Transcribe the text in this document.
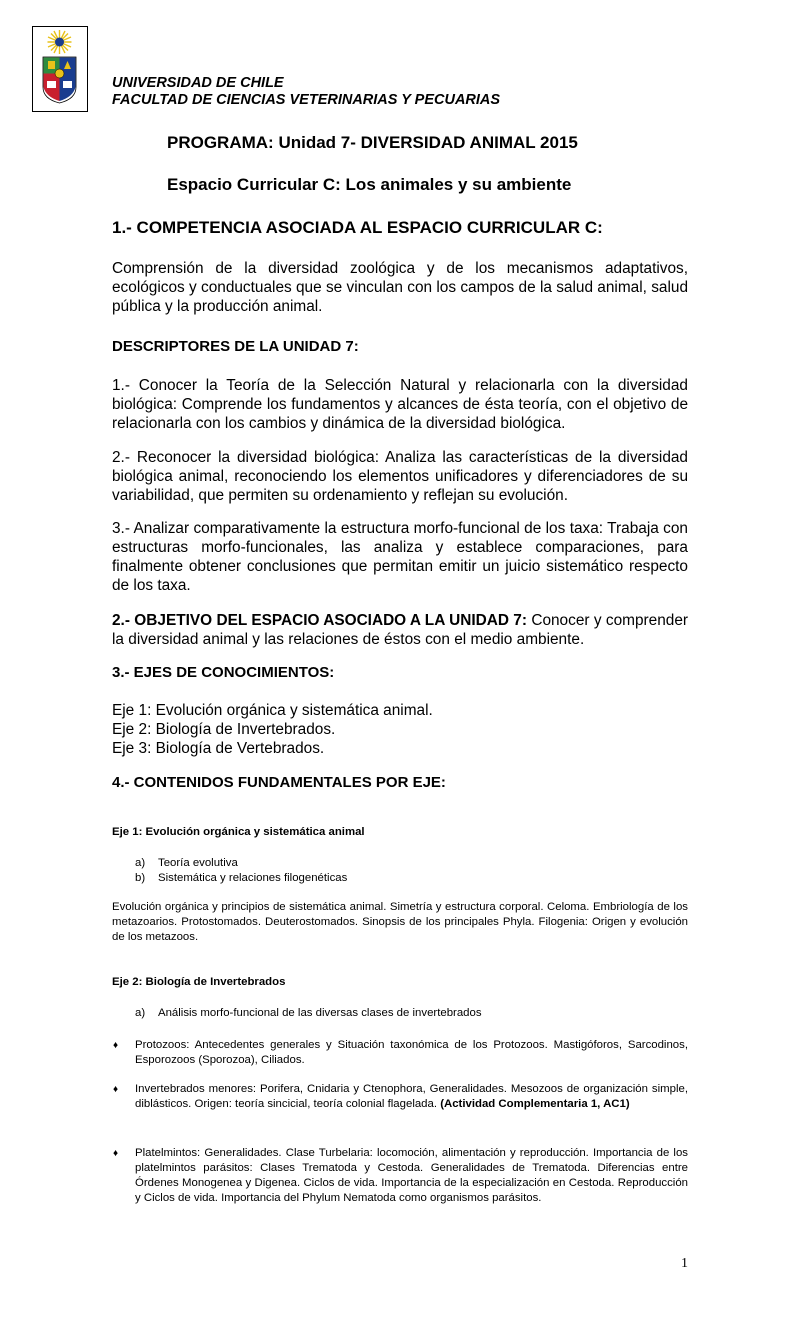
UNIVERSIDAD DE CHILE
FACULTAD DE CIENCIAS VETERINARIAS Y PECUARIAS
PROGRAMA: Unidad 7- DIVERSIDAD ANIMAL 2015
Espacio Curricular C: Los animales y su ambiente
1.- COMPETENCIA ASOCIADA AL ESPACIO CURRICULAR C:
Comprensión de la diversidad zoológica y de los mecanismos adaptativos, ecológicos y conductuales que se vinculan con los campos de la salud animal, salud pública y la producción animal.
DESCRIPTORES DE LA UNIDAD 7:
1.- Conocer la Teoría de la Selección Natural y relacionarla con la diversidad biológica: Comprende los fundamentos y alcances de ésta teoría, con el objetivo de relacionarla con los cambios y dinámica de la diversidad biológica.
2.- Reconocer la diversidad biológica: Analiza las características de la diversidad biológica animal, reconociendo los elementos unificadores y diferenciadores de su variabilidad, que permiten su ordenamiento y reflejan su evolución.
3.- Analizar comparativamente la estructura morfo-funcional de los taxa: Trabaja con estructuras morfo-funcionales, las analiza y establece comparaciones, para finalmente obtener conclusiones que permitan emitir un juicio sistemático respecto de los taxa.
2.- OBJETIVO DEL ESPACIO ASOCIADO A LA UNIDAD 7: Conocer y comprender la diversidad animal y las relaciones de éstos con el medio ambiente.
3.- EJES DE CONOCIMIENTOS:
Eje 1: Evolución orgánica y sistemática animal.
Eje 2: Biología de Invertebrados.
Eje 3: Biología de Vertebrados.
4.- CONTENIDOS FUNDAMENTALES POR EJE:
Eje 1: Evolución orgánica y sistemática animal
a) Teoría evolutiva
b) Sistemática y relaciones filogenéticas
Evolución orgánica y principios de sistemática animal. Simetría y estructura corporal. Celoma. Embriología de los metazoarios. Protostomados. Deuterostomados. Sinopsis de los principales Phyla. Filogenia: Origen y evolución de los metazoos.
Eje 2: Biología de Invertebrados
a) Análisis morfo-funcional de las diversas clases de invertebrados
♦ Protozoos: Antecedentes generales y Situación taxonómica de los Protozoos. Mastigóforos, Sarcodinos, Esporozoos (Sporozoa), Ciliados.
♦ Invertebrados menores: Porifera, Cnidaria y Ctenophora, Generalidades. Mesozoos de organización simple, diblásticos. Origen: teoría sincicial, teoría colonial flagelada. (Actividad Complementaria 1, AC1)
♦ Platelmintos: Generalidades. Clase Turbelaria: locomoción, alimentación y reproducción. Importancia de los platelmintos parásitos: Clases Trematoda y Cestoda. Generalidades de Trematoda. Diferencias entre Órdenes Monogenea y Digenea. Ciclos de vida. Importancia de la especialización en Cestoda. Reproducción y Ciclos de vida. Importancia del Phylum Nematoda como organismos parásitos.
1
